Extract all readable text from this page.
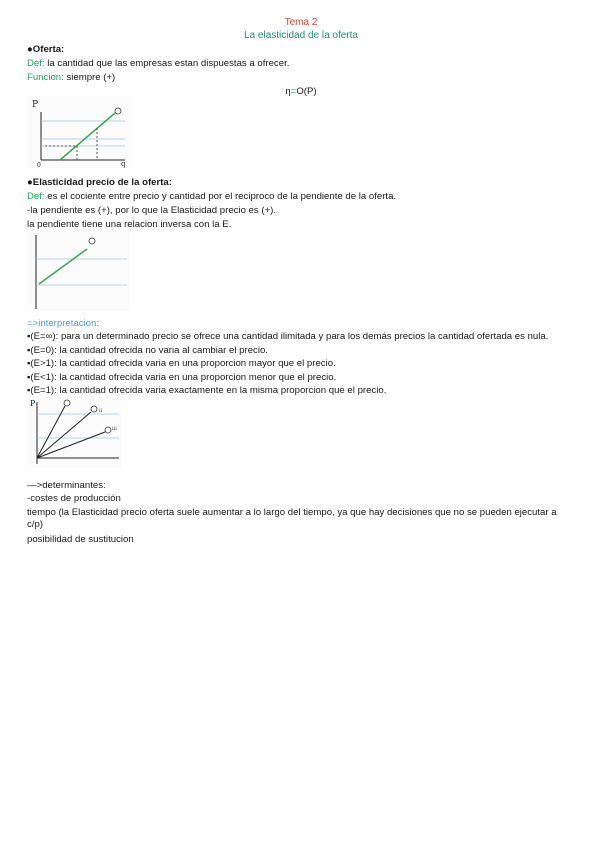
Tema 2
La elasticidad de la oferta
●Oferta:
Def: la cantidad que las empresas estan dispuestas a ofrecer.
Funcion: siempre (+)
η=O(P)
P
q
0
●Elasticidad precio de la oferta:
Def: es el cociente entre precio y cantidad por el reciproco de la pendiente de la oferta.
-la pendiente es (+), por lo que la Elasticidad precio es (+).
la pendiente tiene una relacion inversa con la E.
=>interpretacion:
▪(E=∞): para un determinado precio se ofrece una cantidad ilimitada y para los demás precios la cantidad ofertada es nula.
▪(E=0): la cantidad ofrecida no varia al cambiar el precio.
▪(E>1): la cantidad ofrecida varia en una proporcion mayor que el precio.
▪(E<1): la cantidad ofrecida varia en una proporcion menor que el precio.
▪(E=1): la cantidad ofrecida varia exactamente en la misma proporcion que el precio.
P
ii
iii
—>determinantes:
-costes de producción
tiempo (la Elasticidad precio oferta suele aumentar a lo largo del tiempo, ya que hay decisiones que no se pueden ejecutar a c/p)
posibilidad de sustitucion
